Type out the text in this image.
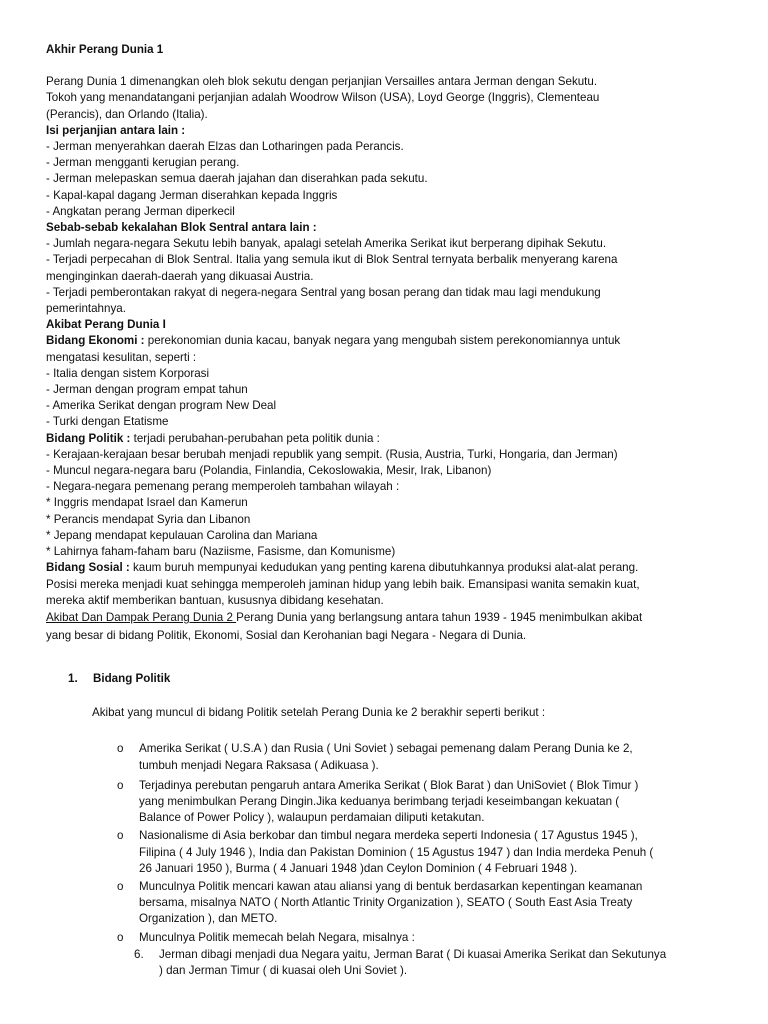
Akhir Perang Dunia 1
Perang Dunia 1 dimenangkan oleh blok sekutu dengan perjanjian Versailles antara Jerman dengan Sekutu.
Tokoh yang menandatangani perjanjian adalah Woodrow Wilson (USA), Loyd George (Inggris), Clementeau
(Perancis), dan Orlando (Italia).
Isi perjanjian antara lain :
- Jerman menyerahkan daerah Elzas dan Lotharingen pada Perancis.
- Jerman mengganti kerugian perang.
- Jerman melepaskan semua daerah jajahan dan diserahkan pada sekutu.
- Kapal-kapal dagang Jerman diserahkan kepada Inggris
- Angkatan perang Jerman diperkecil
Sebab-sebab kekalahan Blok Sentral antara lain :
- Jumlah negara-negara Sekutu lebih banyak, apalagi setelah Amerika Serikat ikut berperang dipihak Sekutu.
- Terjadi perpecahan di Blok Sentral. Italia yang semula ikut di Blok Sentral ternyata berbalik menyerang karena
menginginkan daerah-daerah yang dikuasai Austria.
- Terjadi pemberontakan rakyat di negera-negara Sentral yang bosan perang dan tidak mau lagi mendukung
pemerintahnya.
Akibat Perang Dunia I
Bidang Ekonomi : perekonomian dunia kacau, banyak negara yang mengubah sistem perekonomiannya untuk
mengatasi kesulitan, seperti :
- Italia dengan sistem Korporasi
- Jerman dengan program empat tahun
- Amerika Serikat dengan program New Deal
- Turki dengan Etatisme
Bidang Politik : terjadi perubahan-perubahan peta politik dunia :
- Kerajaan-kerajaan besar berubah menjadi republik yang sempit. (Rusia, Austria, Turki, Hongaria, dan Jerman)
- Muncul negara-negara baru (Polandia, Finlandia, Cekoslowakia, Mesir, Irak, Libanon)
- Negara-negara pemenang perang memperoleh tambahan wilayah :
* Inggris mendapat Israel dan Kamerun
* Perancis mendapat Syria dan Libanon
* Jepang mendapat kepulauan Carolina dan Mariana
* Lahirnya faham-faham baru (Naziisme, Fasisme, dan Komunisme)
Bidang Sosial : kaum buruh mempunyai kedudukan yang penting karena dibutuhkannya produksi alat-alat perang.
Posisi mereka menjadi kuat sehingga memperoleh jaminan hidup yang lebih baik. Emansipasi wanita semakin kuat,
mereka aktif memberikan bantuan, kususnya dibidang kesehatan.
Akibat Dan Dampak Perang Dunia 2 Perang Dunia yang berlangsung antara tahun 1939 - 1945 menimbulkan akibat
yang besar di bidang Politik, Ekonomi, Sosial dan Kerohanian bagi Negara - Negara di Dunia.
1. Bidang Politik
Akibat yang muncul di bidang Politik setelah Perang Dunia ke 2 berakhir seperti berikut :
o Amerika Serikat ( U.S.A ) dan Rusia ( Uni Soviet ) sebagai pemenang dalam Perang Dunia ke 2,
tumbuh menjadi Negara Raksasa ( Adikuasa ).
o Terjadinya perebutan pengaruh antara Amerika Serikat ( Blok Barat ) dan UniSoviet ( Blok Timur )
yang menimbulkan Perang Dingin.Jika keduanya berimbang terjadi keseimbangan kekuatan (
Balance of Power Policy ), walaupun perdamaian diliputi ketakutan.
o Nasionalisme di Asia berkobar dan timbul negara merdeka seperti Indonesia ( 17 Agustus 1945 ),
Filipina ( 4 July 1946 ), India dan Pakistan Dominion ( 15 Agustus 1947 ) dan India merdeka Penuh (
26 Januari 1950 ), Burma ( 4 Januari 1948 )dan Ceylon Dominion ( 4 Februari 1948 ).
o Munculnya Politik mencari kawan atau aliansi yang di bentuk berdasarkan kepentingan keamanan
bersama, misalnya NATO ( North Atlantic Trinity Organization ), SEATO ( South East Asia Treaty
Organization ), dan METO.
o Munculnya Politik memecah belah Negara, misalnya :
6. Jerman dibagi menjadi dua Negara yaitu, Jerman Barat ( Di kuasai Amerika Serikat dan Sekutunya
) dan Jerman Timur ( di kuasai oleh Uni Soviet ).
